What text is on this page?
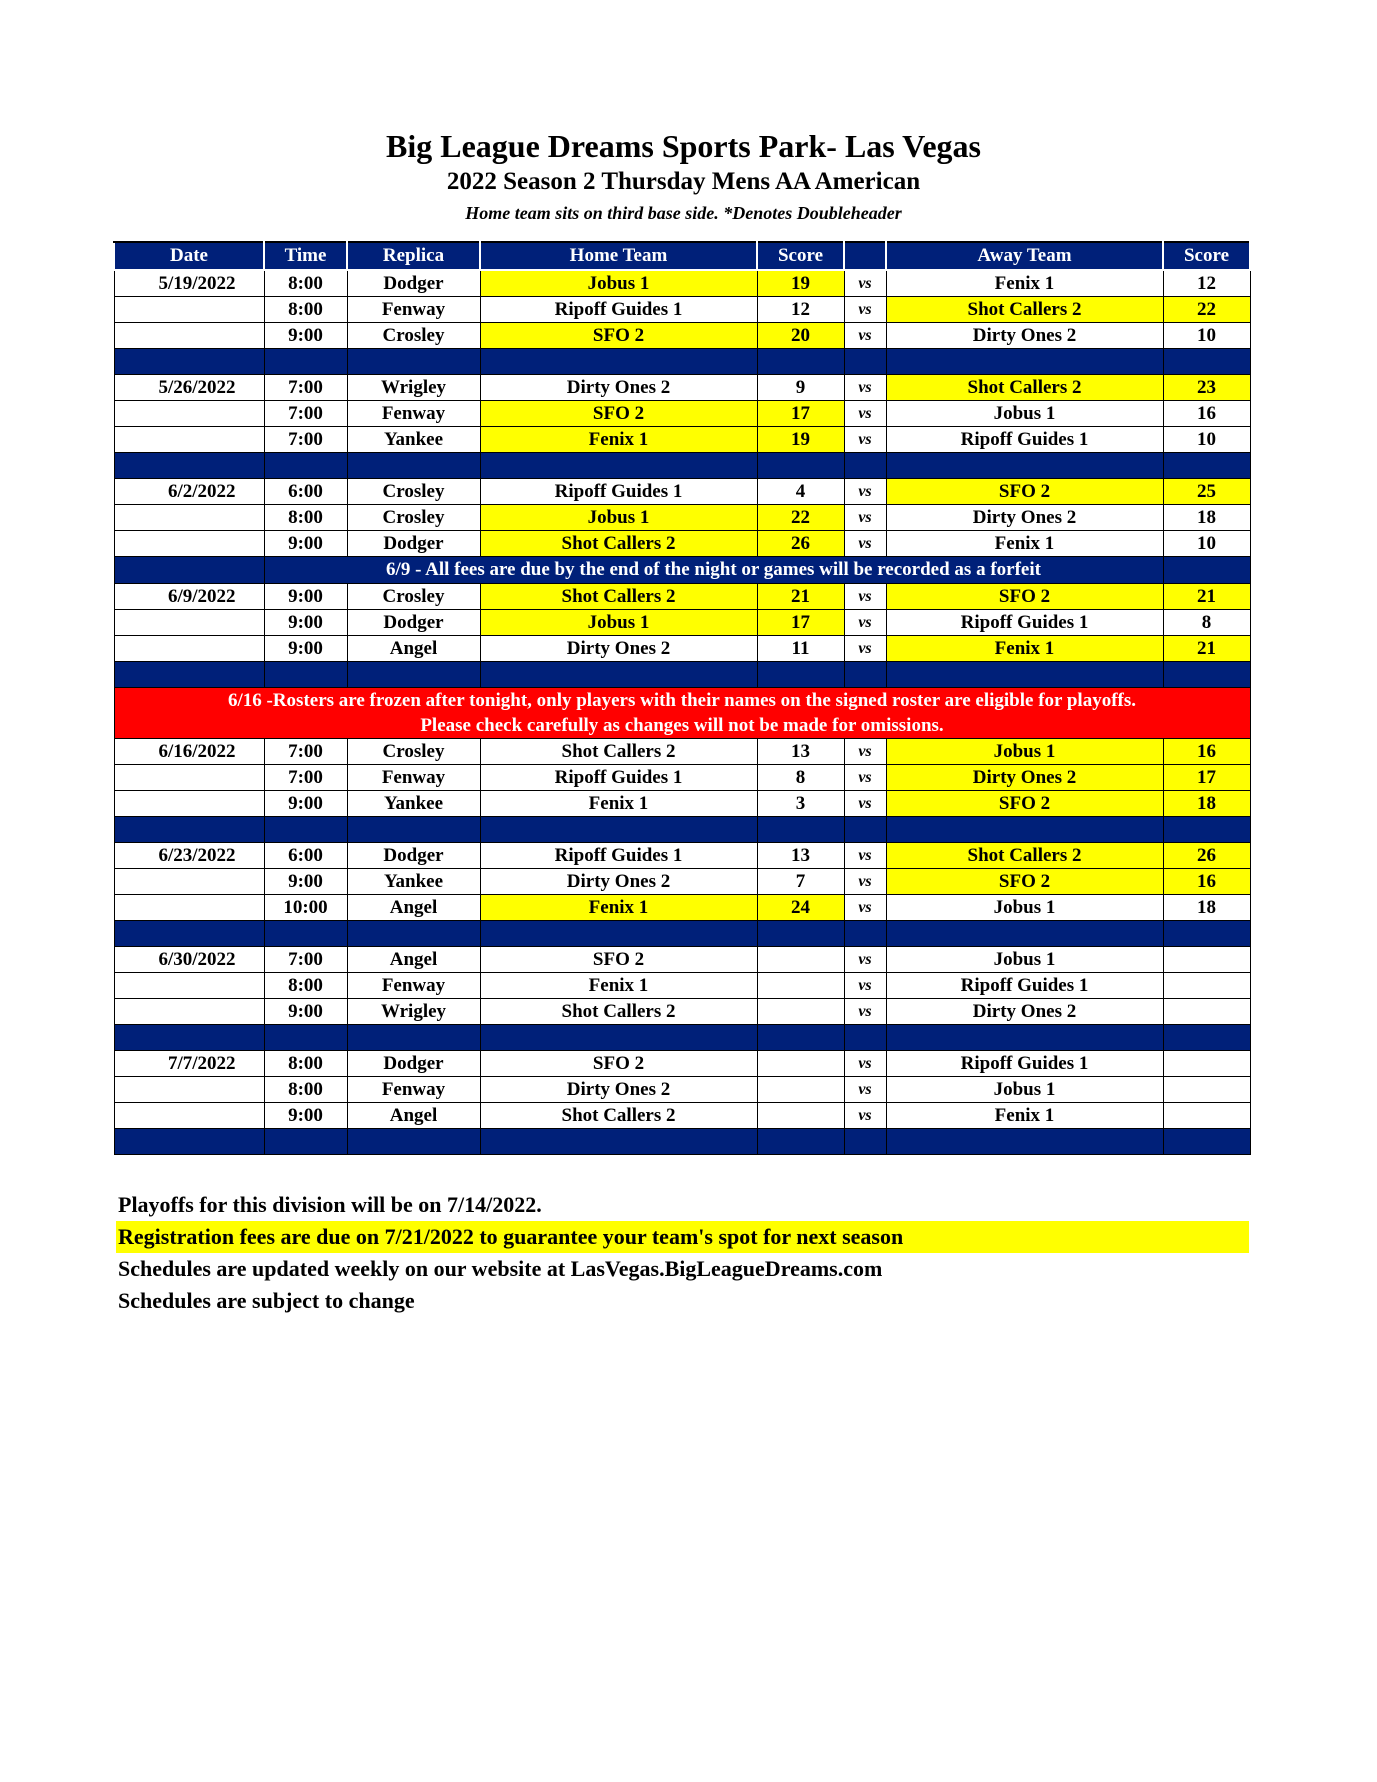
Big League Dreams Sports Park- Las Vegas
2022 Season 2 Thursday Mens AA American
Home team sits on third base side. *Denotes Doubleheader
Date	Time	Replica	Home Team	Score		Away Team	Score
5/19/2022	8:00	Dodger	Jobus 1	19	vs	Fenix 1	12
	8:00	Fenway	Ripoff Guides 1	12	vs	Shot Callers 2	22
	9:00	Crosley	SFO 2	20	vs	Dirty Ones 2	10

5/26/2022	7:00	Wrigley	Dirty Ones 2	9	vs	Shot Callers 2	23
	7:00	Fenway	SFO 2	17	vs	Jobus 1	16
	7:00	Yankee	Fenix 1	19	vs	Ripoff Guides 1	10

6/2/2022	6:00	Crosley	Ripoff Guides 1	4	vs	SFO 2	25
	8:00	Crosley	Jobus 1	22	vs	Dirty Ones 2	18
	9:00	Dodger	Shot Callers 2	26	vs	Fenix 1	10
	6/9 - All fees are due by the end of the night or games will be recorded as a forfeit						
6/9/2022	9:00	Crosley	Shot Callers 2	21	vs	SFO 2	21
	9:00	Dodger	Jobus 1	17	vs	Ripoff Guides 1	8
	9:00	Angel	Dirty Ones 2	11	vs	Fenix 1	21

6/16 -Rosters are frozen after tonight, only players with their names on the signed roster are eligible for playoffs.
Please check carefully as changes will not be made for omissions.							

6/16/2022	7:00	Crosley	Shot Callers 2	13	vs	Jobus 1	16
	7:00	Fenway	Ripoff Guides 1	8	vs	Dirty Ones 2	17
	9:00	Yankee	Fenix 1	3	vs	SFO 2	18

6/23/2022	6:00	Dodger	Ripoff Guides 1	13	vs	Shot Callers 2	26
	9:00	Yankee	Dirty Ones 2	7	vs	SFO 2	16
	10:00	Angel	Fenix 1	24	vs	Jobus 1	18

6/30/2022	7:00	Angel	SFO 2		vs	Jobus 1	
	8:00	Fenway	Fenix 1		vs	Ripoff Guides 1	
	9:00	Wrigley	Shot Callers 2		vs	Dirty Ones 2	

7/7/2022	8:00	Dodger	SFO 2		vs	Ripoff Guides 1	
	8:00	Fenway	Dirty Ones 2		vs	Jobus 1	
	9:00	Angel	Shot Callers 2		vs	Fenix 1	

Playoffs for this division will be on 7/14/2022.
Registration fees are due on 7/21/2022 to guarantee your team's spot for next season
Schedules are updated weekly on our website at LasVegas.BigLeagueDreams.com
Schedules are subject to change
